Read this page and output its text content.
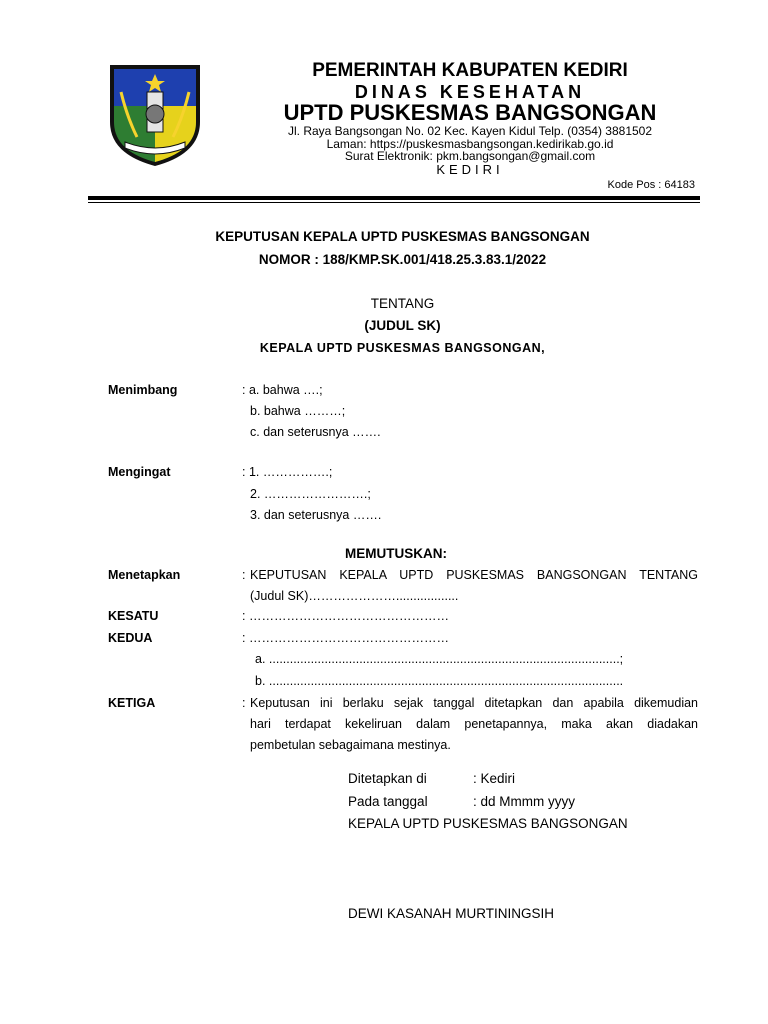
PEMERINTAH KABUPATEN KEDIRI
DINAS KESEHATAN
UPTD PUSKESMAS BANGSONGAN
Jl. Raya Bangsongan No. 02 Kec. Kayen Kidul Telp. (0354) 3881502
Laman: https://puskesmasbangsongan.kedirikab.go.id
Surat Elektronik: pkm.bangsongan@gmail.com
KEDIRI
Kode Pos : 64183
KEPUTUSAN KEPALA UPTD PUSKESMAS BANGSONGAN
NOMOR : 188/KMP.SK.001/418.25.3.83.1/2022
TENTANG
(JUDUL SK)
KEPALA UPTD PUSKESMAS BANGSONGAN,
Menimbang	: a. bahwa ….;
b. bahwa ………;
c. dan seterusnya …….
Mengingat	: 1. …………….;
2. …………………….;
3. dan seterusnya …….
MEMUTUSKAN:
Menetapkan	: KEPUTUSAN KEPALA UPTD PUSKESMAS BANGSONGAN TENTANG
(Judul SK)…………………..................
KESATU	: …………………………………………
KEDUA	: …………………………………………
a. .....................................................................................................;
b. ......................................................................................................
KETIGA	: Keputusan ini berlaku sejak tanggal ditetapkan dan apabila dikemudian
hari terdapat kekeliruan dalam penetapannya, maka akan diadakan
pembetulan sebagaimana mestinya.
Ditetapkan di	: Kediri
Pada tanggal	: dd Mmmm yyyy
KEPALA UPTD PUSKESMAS BANGSONGAN
DEWI KASANAH MURTININGSIH
